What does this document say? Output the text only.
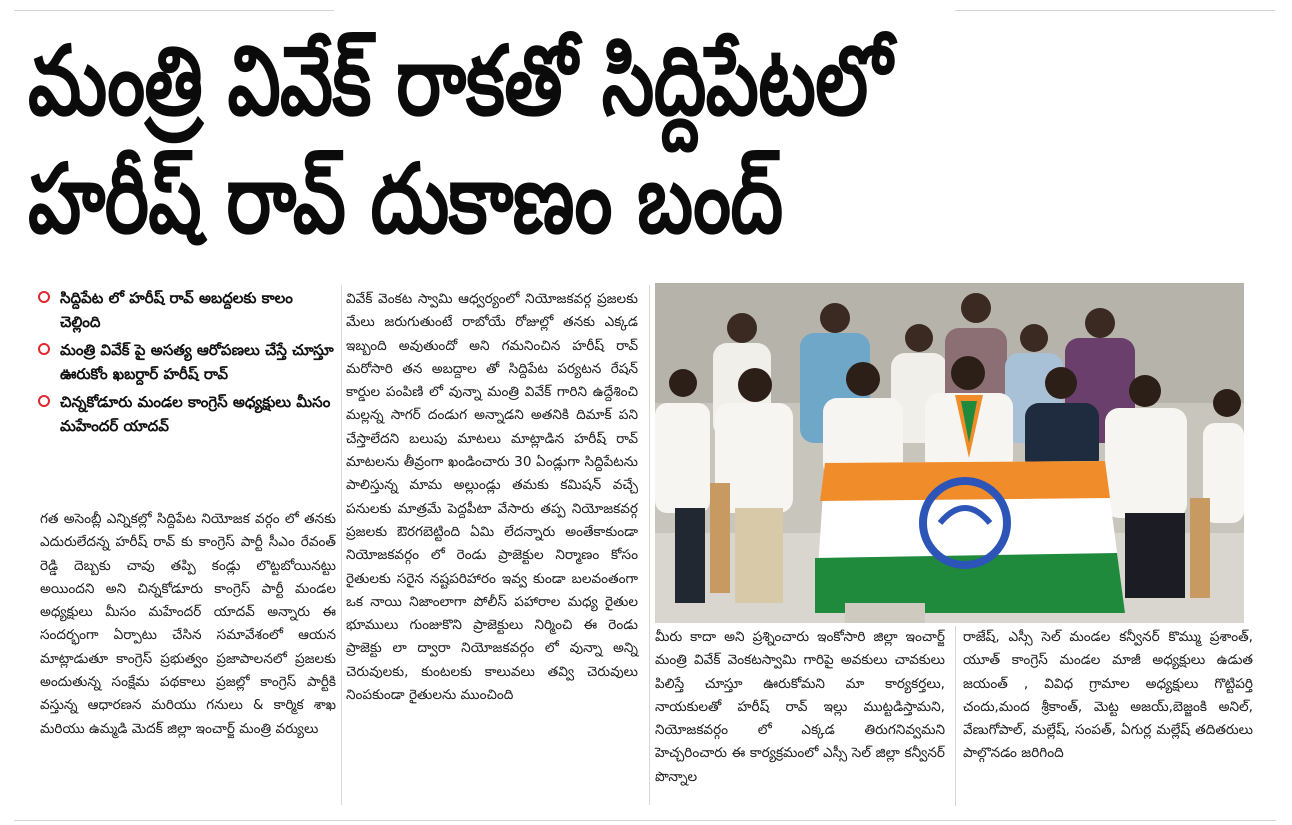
మంత్రి వివేక్ రాకతో సిద్దిపేటలో
హరీష్ రావ్ దుకాణం బంద్
సిద్దిపేట లో హరీష్ రావ్ అబద్దలకు కాలం చెల్లింది
మంత్రి వివేక్ పై అసత్య ఆరోపణలు చేస్తే చూస్తూ ఊరుకోం ఖబర్దార్ హరీష్ రావ్
చిన్నకోడూరు మండల కాంగ్రెస్ అధ్యక్షులు మీసం మహేందర్ యాదవ్

గత అసెంబ్లీ ఎన్నికల్లో సిద్దిపేట నియోజక వర్గం లో తనకు ఎదురులేదన్న హరీష్ రావ్ కు కాంగ్రెస్ పార్టీ సీఎం రేవంత్ రెడ్డి దెబ్బకు చావు తప్పి కండ్లు లొట్టబోయినట్టు అయిందని అని చిన్నకోడూరు కాంగ్రెస్ పార్టీ మండల అధ్యక్షులు మీసం మహేందర్ యాదవ్ అన్నారు ఈ సందర్భంగా ఏర్పాటు చేసిన సమావేశంలో ఆయన మాట్లాడుతూ కాంగ్రెస్ ప్రభుత్వం ప్రజాపాలనలో ప్రజలకు అందుతున్న సంక్షేమ పథకాలు ప్రజల్లో కాంగ్రెస్ పార్టీకి వస్తున్న ఆధారణన మరియు గనులు & కార్మిక శాఖ మరియు ఉమ్మడి మెదక్ జిల్లా ఇంచార్జ్ మంత్రి వర్యులు

వివేక్ వెంకట స్వామి ఆధ్వర్యంలో నియోజకవర్గ ప్రజలకు మేలు జరుగుతుంటే రాబోయే రోజుల్లో తనకు ఎక్కడ ఇబ్బంది అవుతుందో అని గమనించిన హరీష్ రావ్ మరోసారి తన అబద్దాల తో సిద్దిపేట పర్యటన రేషన్ కార్డుల పంపిణి లో వున్నా మంత్రి వివేక్ గారిని ఉద్దేశించి మల్లన్న సాగర్ దండుగ అన్నాడని అతనికి దిమాక్ పని చేస్తాలేదని బలుపు మాటలు మాట్లాడిన హరీష్ రావ్ మాటలను తీవ్రంగా ఖండించారు 30 ఏండ్లుగా సిద్దిపేటను పాలిస్తున్న మామ అల్లుండ్లు తమకు కమిషన్ వచ్చే పనులకు మాత్రమే పెద్దపీటా వేసారు తప్ప నియోజకవర్గ ప్రజలకు ఔరగబెట్టింది ఏమి లేదన్నారు అంతేకాకుండా నియోజకవర్గం లో రెండు ప్రాజెక్టుల నిర్మాణం కోసం రైతులకు సరైన నష్టపరిహారం ఇవ్వ కుండా బలవంతంగా ఒక నాయి నిజాంలాగా పోలీస్ పహారాల మధ్య రైతుల భూములు గుంజుకొని ప్రాజెక్టులు నిర్మించి ఈ రెండు ప్రాజెక్టు లా ద్వారా నియోజకవర్గం లో వున్నా అన్ని చెరువులకు, కుంటలకు కాలువలు తవ్వి చెరువులు నింపకుండా రైతులను ముంచింది

మీరు కాదా అని ప్రశ్నించారు ఇంకోసారి జిల్లా ఇంచార్జ్ మంత్రి వివేక్ వెంకటస్వామి గారిపై అవకులు చావకులు పిలిస్తే చూస్తూ ఊరుకోమని మా కార్యకర్తలు, నాయకులతో హరీష్ రావ్ ఇల్లు ముట్టడిస్తామని, నియోజకవర్గం లో ఎక్కడ తిరుగనివ్వమని హెచ్చరించారు ఈ కార్యక్రమంలో ఎస్సీ సెల్ జిల్లా కన్వీనర్ పొన్నాల

రాజేష్, ఎస్సీ సెల్ మండల కన్వీనర్ కొమ్ము ప్రశాంత్, యూత్ కాంగ్రెస్ మండల మాజీ అధ్యక్షులు ఉడుత జయంత్ , వివిధ గ్రామాల అధ్యక్షులు గొట్టిపర్తి చందు,మంద శ్రీకాంత్, మెట్ట అజయ్,బెజ్జంకి అనిల్, వేణుగోపాల్, మల్లేష్, సంపత్, ఏగుర్ల మల్లేష్ తదితరులు పాల్గొనడం జరిగింది
